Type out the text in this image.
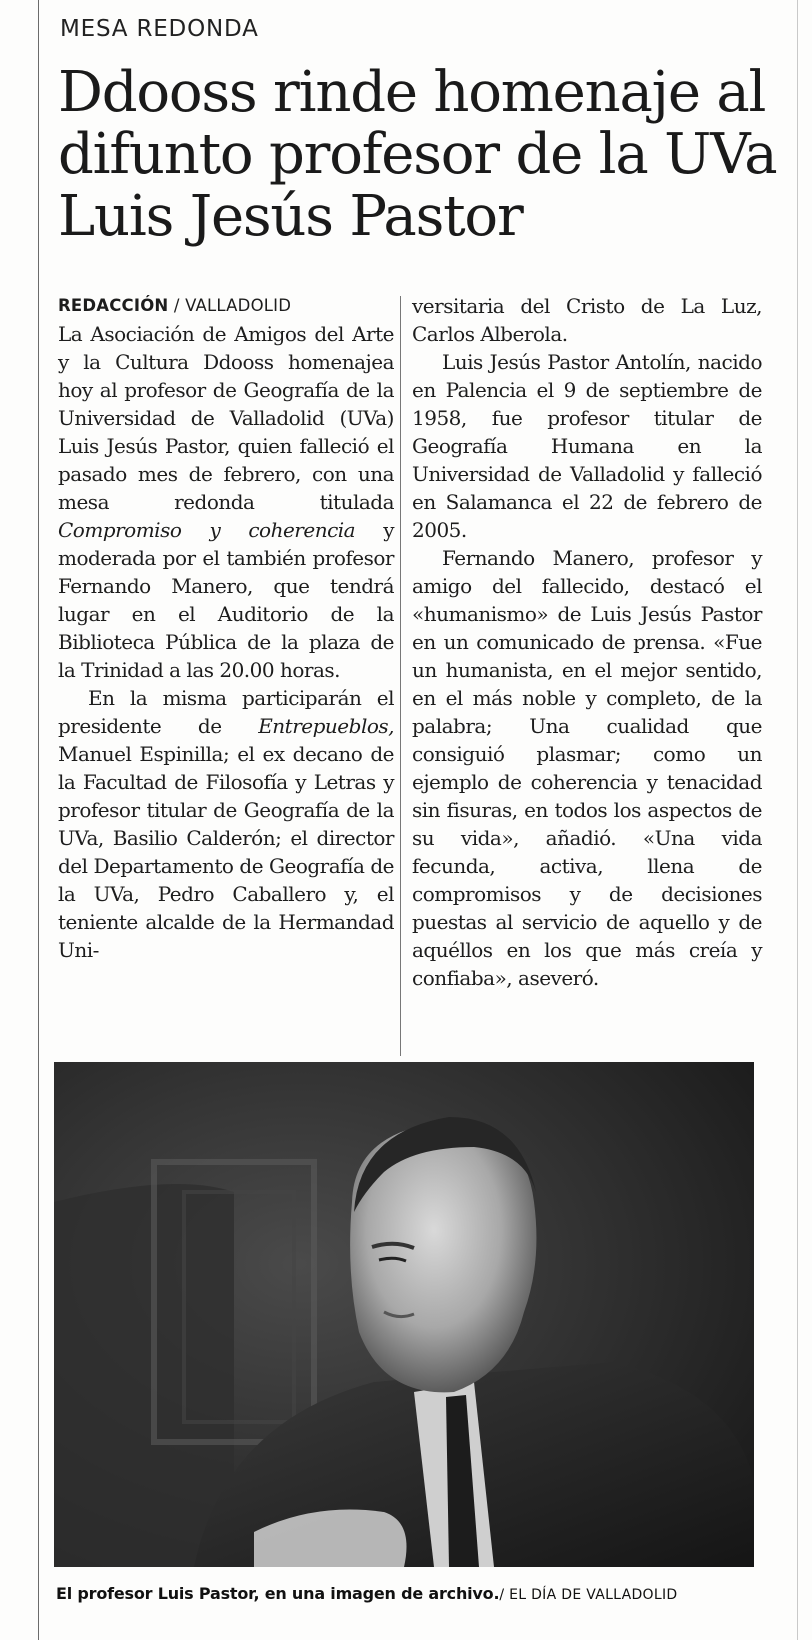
MESA REDONDA
Ddooss rinde homenaje al difunto profesor de la UVa Luis Jesús Pastor
REDACCIÓN / VALLADOLID

La Asociación de Amigos del Arte y la Cultura Ddooss homenajea hoy al profesor de Geografía de la Universidad de Valladolid (UVa) Luis Jesús Pastor, quien falleció el pasado mes de febrero, con una mesa redonda titulada Compromiso y coherencia y moderada por el también profesor Fernando Manero, que tendrá lugar en el Auditorio de la Biblioteca Pública de la plaza de la Trinidad a las 20.00 horas.

En la misma participarán el presidente de Entrepueblos, Manuel Espinilla; el ex decano de la Facultad de Filosofía y Letras y profesor titular de Geografía de la UVa, Basilio Calderón; el director del Departamento de Geografía de la UVa, Pedro Caballero y, el teniente alcalde de la Hermandad Uni-

versitaria del Cristo de La Luz, Carlos Alberola.

Luis Jesús Pastor Antolín, nacido en Palencia el 9 de septiembre de 1958, fue profesor titular de Geografía Humana en la Universidad de Valladolid y falleció en Salamanca el 22 de febrero de 2005.

Fernando Manero, profesor y amigo del fallecido, destacó el «humanismo» de Luis Jesús Pastor en un comunicado de prensa. «Fue un humanista, en el mejor sentido, en el más noble y completo, de la palabra; Una cualidad que consiguió plasmar; como un ejemplo de coherencia y tenacidad sin fisuras, en todos los aspectos de su vida», añadió. «Una vida fecunda, activa, llena de compromisos y de decisiones puestas al servicio de aquello y de aquéllos en los que más creía y confiaba», aseveró.

El profesor Luis Pastor, en una imagen de archivo./ EL DÍA DE VALLADOLID
